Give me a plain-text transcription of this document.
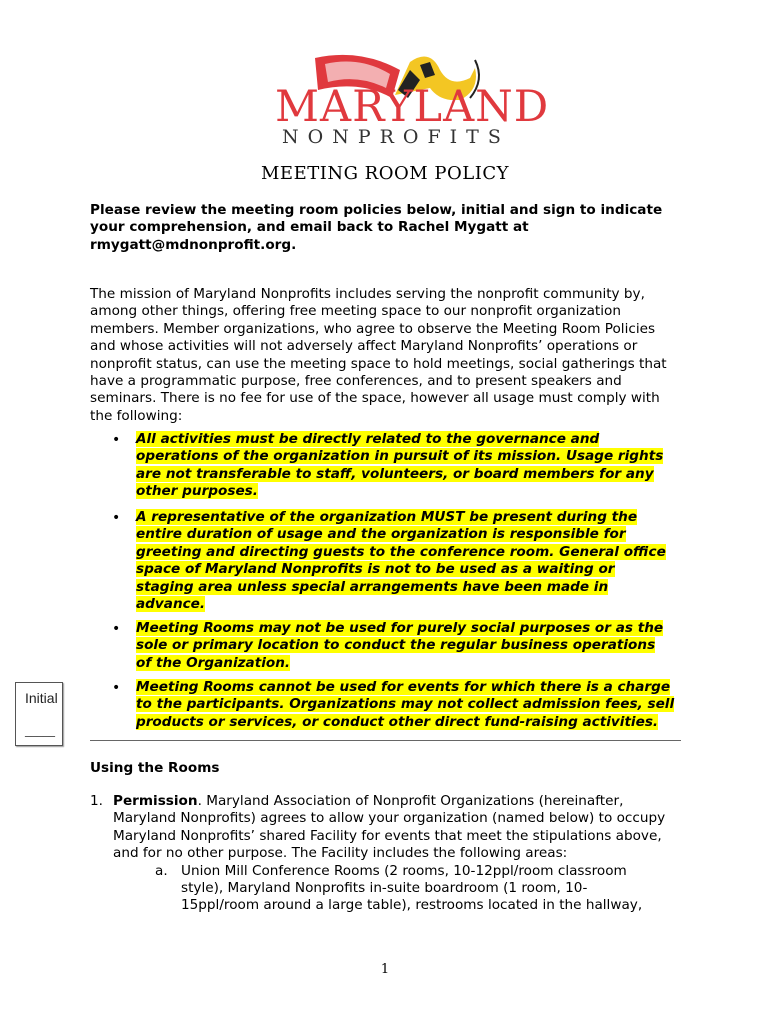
MARYLAND
NONPROFITS
MEETING ROOM POLICY
Please review the meeting room policies below, initial and sign to indicate
your comprehension, and email back to Rachel Mygatt at
rmygatt@mdnonprofit.org.
The mission of Maryland Nonprofits includes serving the nonprofit community by,
among other things, offering free meeting space to our nonprofit organization
members. Member organizations, who agree to observe the Meeting Room Policies
and whose activities will not adversely affect Maryland Nonprofits’ operations or
nonprofit status, can use the meeting space to hold meetings, social gatherings that
have a programmatic purpose, free conferences, and to present speakers and
seminars. There is no fee for use of the space, however all usage must comply with
the following:
• All activities must be directly related to the governance and
operations of the organization in pursuit of its mission. Usage rights
are not transferable to staff, volunteers, or board members for any
other purposes.
• A representative of the organization MUST be present during the
entire duration of usage and the organization is responsible for
greeting and directing guests to the conference room. General office
space of Maryland Nonprofits is not to be used as a waiting or
staging area unless special arrangements have been made in
advance.
• Meeting Rooms may not be used for purely social purposes or as the
sole or primary location to conduct the regular business operations
of the Organization.
• Meeting Rooms cannot be used for events for which there is a charge
to the participants. Organizations may not collect admission fees, sell
products or services, or conduct other direct fund-raising activities.
Initial
_____
Using the Rooms
1. Permission. Maryland Association of Nonprofit Organizations (hereinafter,
Maryland Nonprofits) agrees to allow your organization (named below) to occupy
Maryland Nonprofits’ shared Facility for events that meet the stipulations above,
and for no other purpose. The Facility includes the following areas:
a. Union Mill Conference Rooms (2 rooms, 10-12ppl/room classroom
style), Maryland Nonprofits in-suite boardroom (1 room, 10-
15ppl/room around a large table), restrooms located in the hallway,
1
